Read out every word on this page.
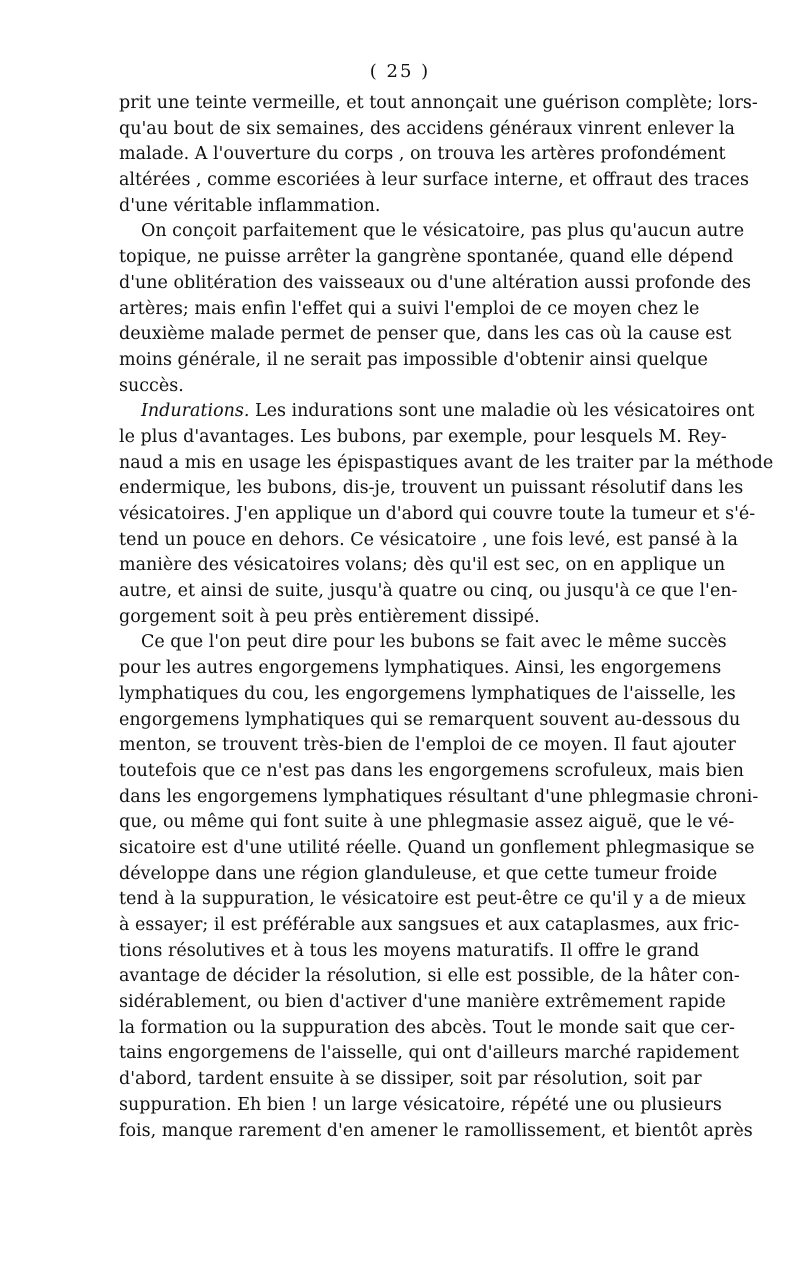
( 25 )
prit une teinte vermeille, et tout annonçait une guérison complète; lors-
qu'au bout de six semaines, des accidens généraux vinrent enlever la
malade. A l'ouverture du corps , on trouva les artères profondément
altérées , comme escoriées à leur surface interne, et offraut des traces
d'une véritable inflammation.
On conçoit parfaitement que le vésicatoire, pas plus qu'aucun autre
topique, ne puisse arrêter la gangrène spontanée, quand elle dépend
d'une oblitération des vaisseaux ou d'une altération aussi profonde des
artères; mais enfin l'effet qui a suivi l'emploi de ce moyen chez le
deuxième malade permet de penser que, dans les cas où la cause est
moins générale, il ne serait pas impossible d'obtenir ainsi quelque
succès.
Indurations. Les indurations sont une maladie où les vésicatoires ont
le plus d'avantages. Les bubons, par exemple, pour lesquels M. Rey-
naud a mis en usage les épispastiques avant de les traiter par la méthode
endermique, les bubons, dis-je, trouvent un puissant résolutif dans les
vésicatoires. J'en applique un d'abord qui couvre toute la tumeur et s'é-
tend un pouce en dehors. Ce vésicatoire , une fois levé, est pansé à la
manière des vésicatoires volans; dès qu'il est sec, on en applique un
autre, et ainsi de suite, jusqu'à quatre ou cinq, ou jusqu'à ce que l'en-
gorgement soit à peu près entièrement dissipé.
Ce que l'on peut dire pour les bubons se fait avec le même succès
pour les autres engorgemens lymphatiques. Ainsi, les engorgemens
lymphatiques du cou, les engorgemens lymphatiques de l'aisselle, les
engorgemens lymphatiques qui se remarquent souvent au-dessous du
menton, se trouvent très-bien de l'emploi de ce moyen. Il faut ajouter
toutefois que ce n'est pas dans les engorgemens scrofuleux, mais bien
dans les engorgemens lymphatiques résultant d'une phlegmasie chroni-
que, ou même qui font suite à une phlegmasie assez aiguë, que le vé-
sicatoire est d'une utilité réelle. Quand un gonflement phlegmasique se
développe dans une région glanduleuse, et que cette tumeur froide
tend à la suppuration, le vésicatoire est peut-être ce qu'il y a de mieux
à essayer; il est préférable aux sangsues et aux cataplasmes, aux fric-
tions résolutives et à tous les moyens maturatifs. Il offre le grand
avantage de décider la résolution, si elle est possible, de la hâter con-
sidérablement, ou bien d'activer d'une manière extrêmement rapide
la formation ou la suppuration des abcès. Tout le monde sait que cer-
tains engorgemens de l'aisselle, qui ont d'ailleurs marché rapidement
d'abord, tardent ensuite à se dissiper, soit par résolution, soit par
suppuration. Eh bien ! un large vésicatoire, répété une ou plusieurs
fois, manque rarement d'en amener le ramollissement, et bientôt après
